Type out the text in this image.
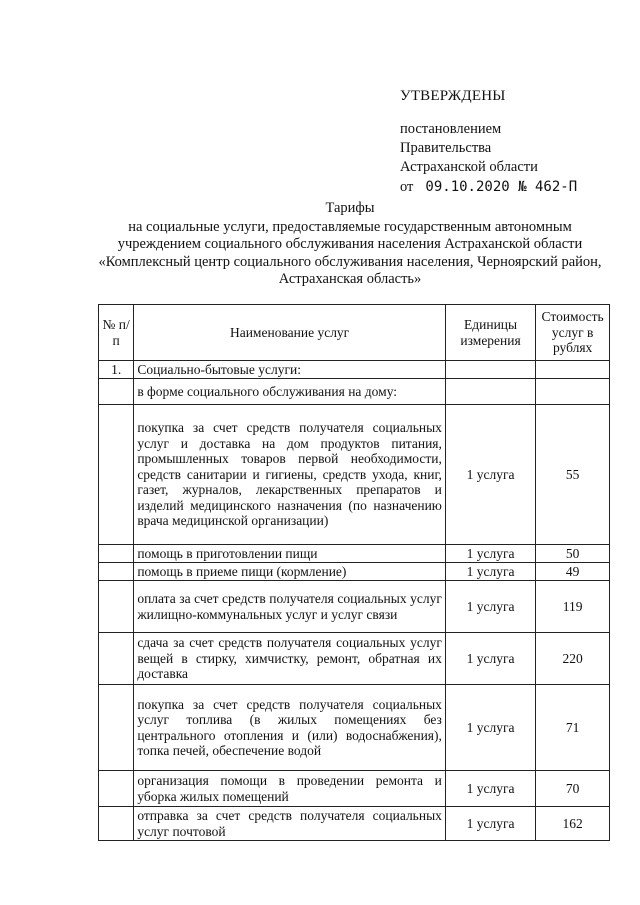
УТВЕРЖДЕНЫ
постановлением
Правительства
Астраханской области
от 09.10.2020 № 462-П
Тарифы
на социальные услуги, предоставляемые государственным автономным учреждением социального обслуживания населения Астраханской области «Комплексный центр социального обслуживания населения, Черноярский район, Астраханская область»
№ п/п	Наименование услуг	Единицы измерения	Стоимость услуг в рублях
1.	Социально-бытовые услуги:		
	в форме социального обслуживания на дому:		
	покупка за счет средств получателя социальных услуг и доставка на дом продуктов питания, промышленных товаров первой необходимости, средств санитарии и гигиены, средств ухода, книг, газет, журналов, лекарственных препаратов и изделий медицинского назначения (по назначению врача медицинской организации)	1 услуга	55
	помощь в приготовлении пищи	1 услуга	50
	помощь в приеме пищи (кормление)	1 услуга	49
	оплата за счет средств получателя социальных услуг жилищно-коммунальных услуг и услуг связи	1 услуга	119
	сдача за счет средств получателя социальных услуг вещей в стирку, химчистку, ремонт, обратная их доставка	1 услуга	220
	покупка за счет средств получателя социальных услуг топлива (в жилых помещениях без центрального отопления и (или) водоснабжения), топка печей, обеспечение водой	1 услуга	71
	организация помощи в проведении ремонта и уборка жилых помещений	1 услуга	70
	отправка за счет средств получателя социальных услуг почтовой	1 услуга	162
